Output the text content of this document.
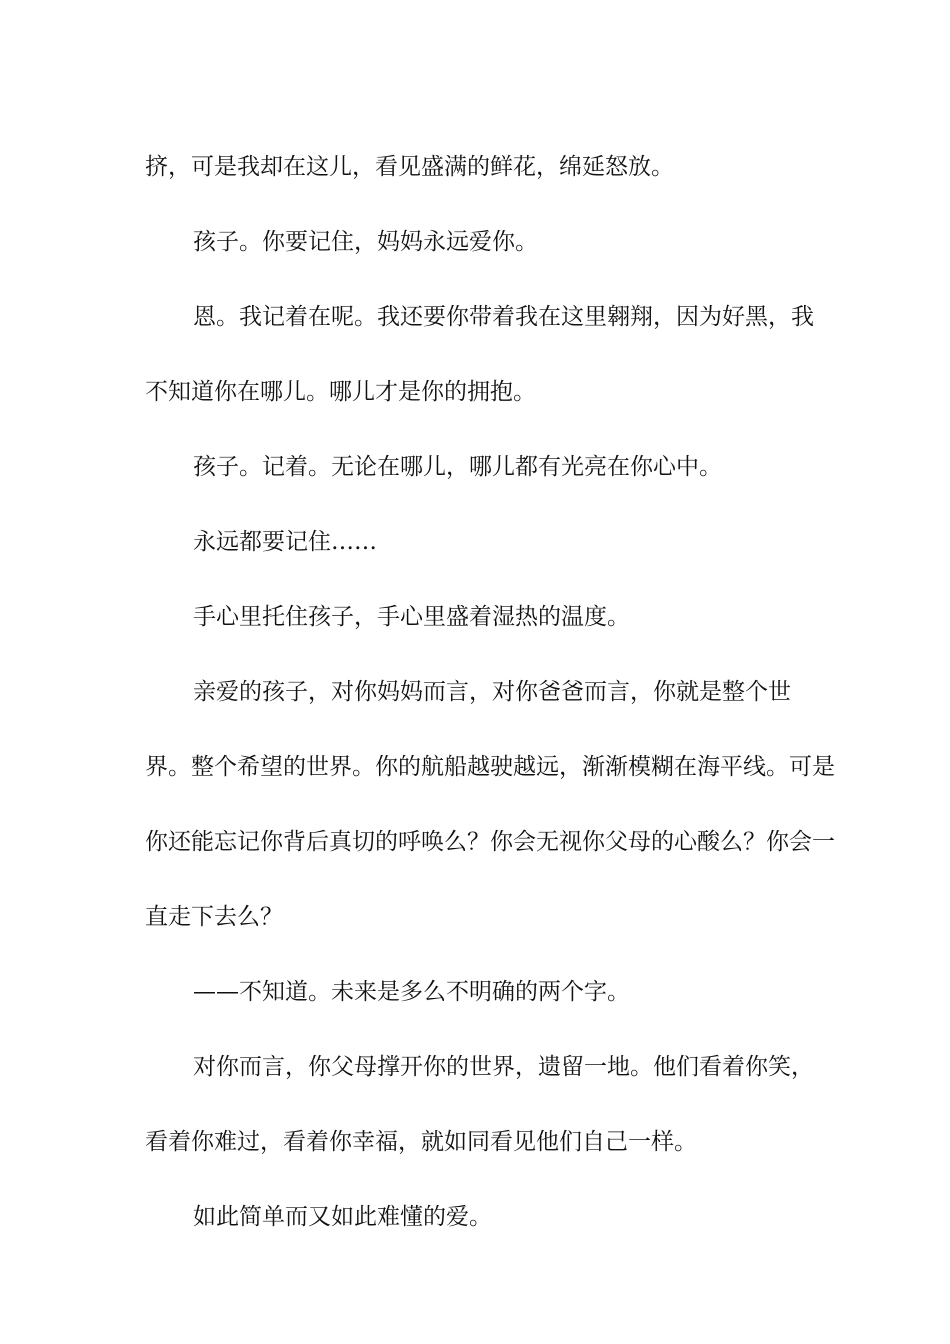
挤，可是我却在这儿，看见盛满的鲜花，绵延怒放。

孩子。你要记住，妈妈永远爱你。

恩。我记着在呢。我还要你带着我在这里翱翔，因为好黑，我不知道你在哪儿。哪儿才是你的拥抱。

孩子。记着。无论在哪儿，哪儿都有光亮在你心中。

永远都要记住……

手心里托住孩子，手心里盛着湿热的温度。

亲爱的孩子，对你妈妈而言，对你爸爸而言，你就是整个世界。整个希望的世界。你的航船越驶越远，渐渐模糊在海平线。可是你还能忘记你背后真切的呼唤么？你会无视你父母的心酸么？你会一直走下去么？

——不知道。未来是多么不明确的两个字。

对你而言，你父母撑开你的世界，遗留一地。他们看着你笑，看着你难过，看着你幸福，就如同看见他们自己一样。

如此简单而又如此难懂的爱。
